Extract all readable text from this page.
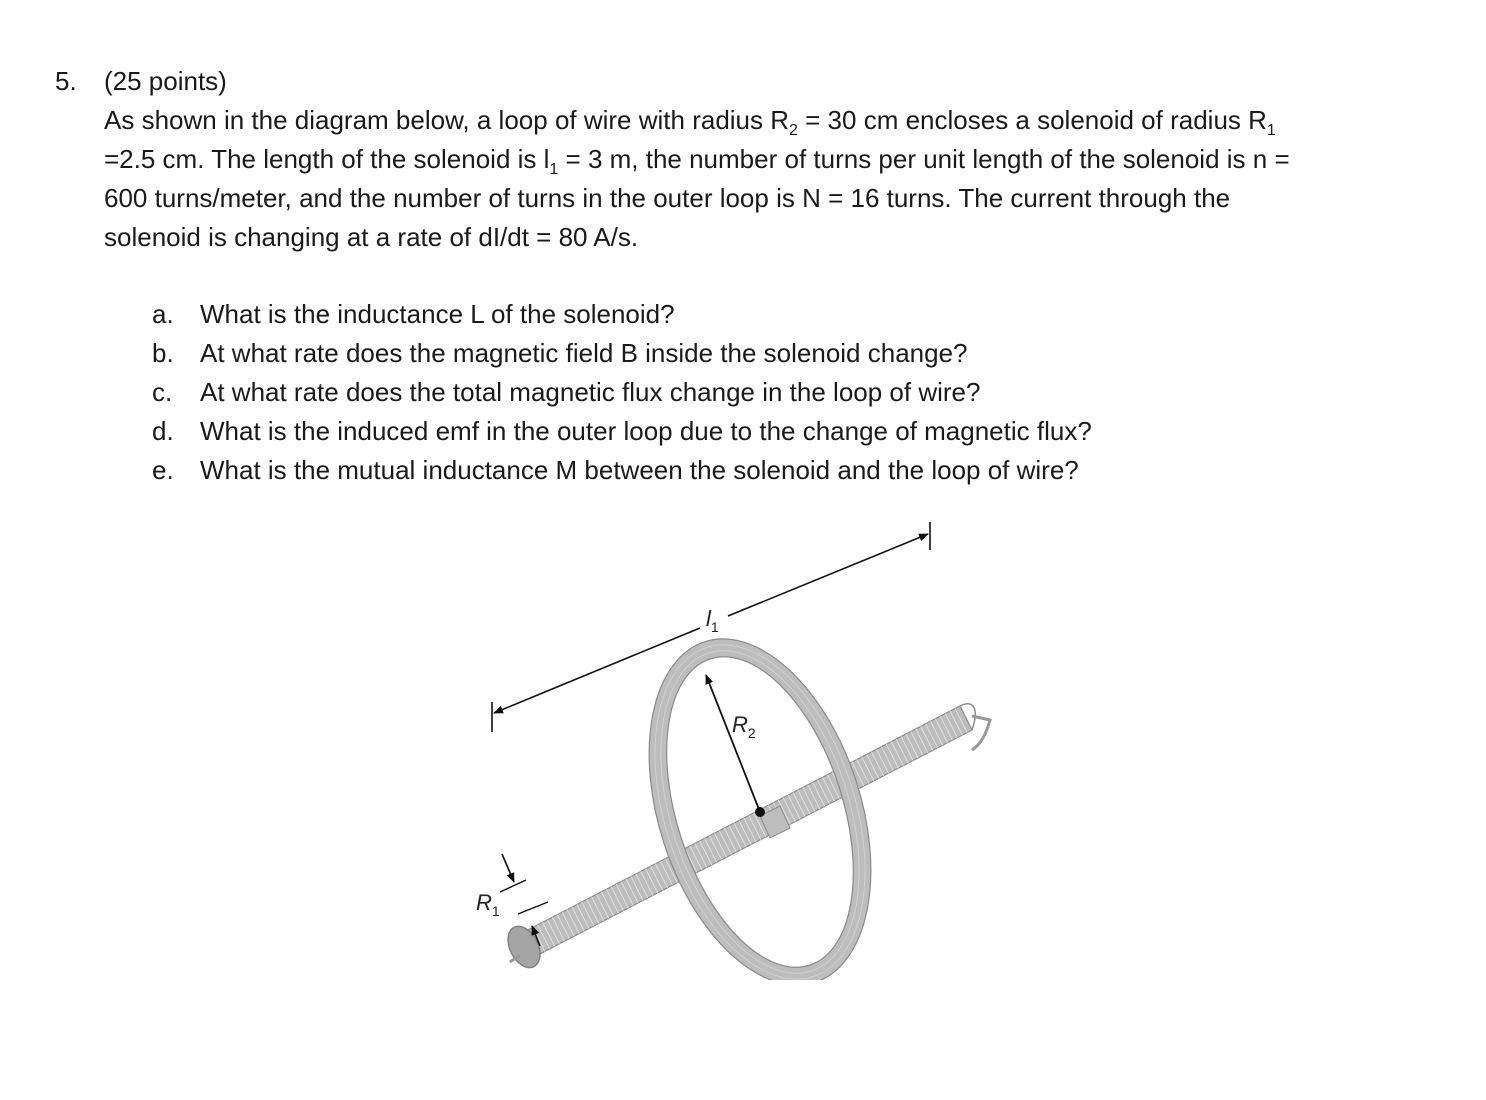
5. (25 points)
As shown in the diagram below, a loop of wire with radius $R_2 = 30$ cm encloses a solenoid of radius $R_1$
=2.5 cm. The length of the solenoid is $l_1 = 3$ m, the number of turns per unit length of the solenoid is n =
600 turns/meter, and the number of turns in the outer loop is N = 16 turns. The current through the
solenoid is changing at a rate of dI/dt = 80 A/s.
a. What is the inductance L of the solenoid?
b. At what rate does the magnetic field B inside the solenoid change?
c. At what rate does the total magnetic flux change in the loop of wire?
d. What is the induced emf in the outer loop due to the change of magnetic flux?
e. What is the mutual inductance M between the solenoid and the loop of wire?
$l_1$
$R_2$
$R_1$
